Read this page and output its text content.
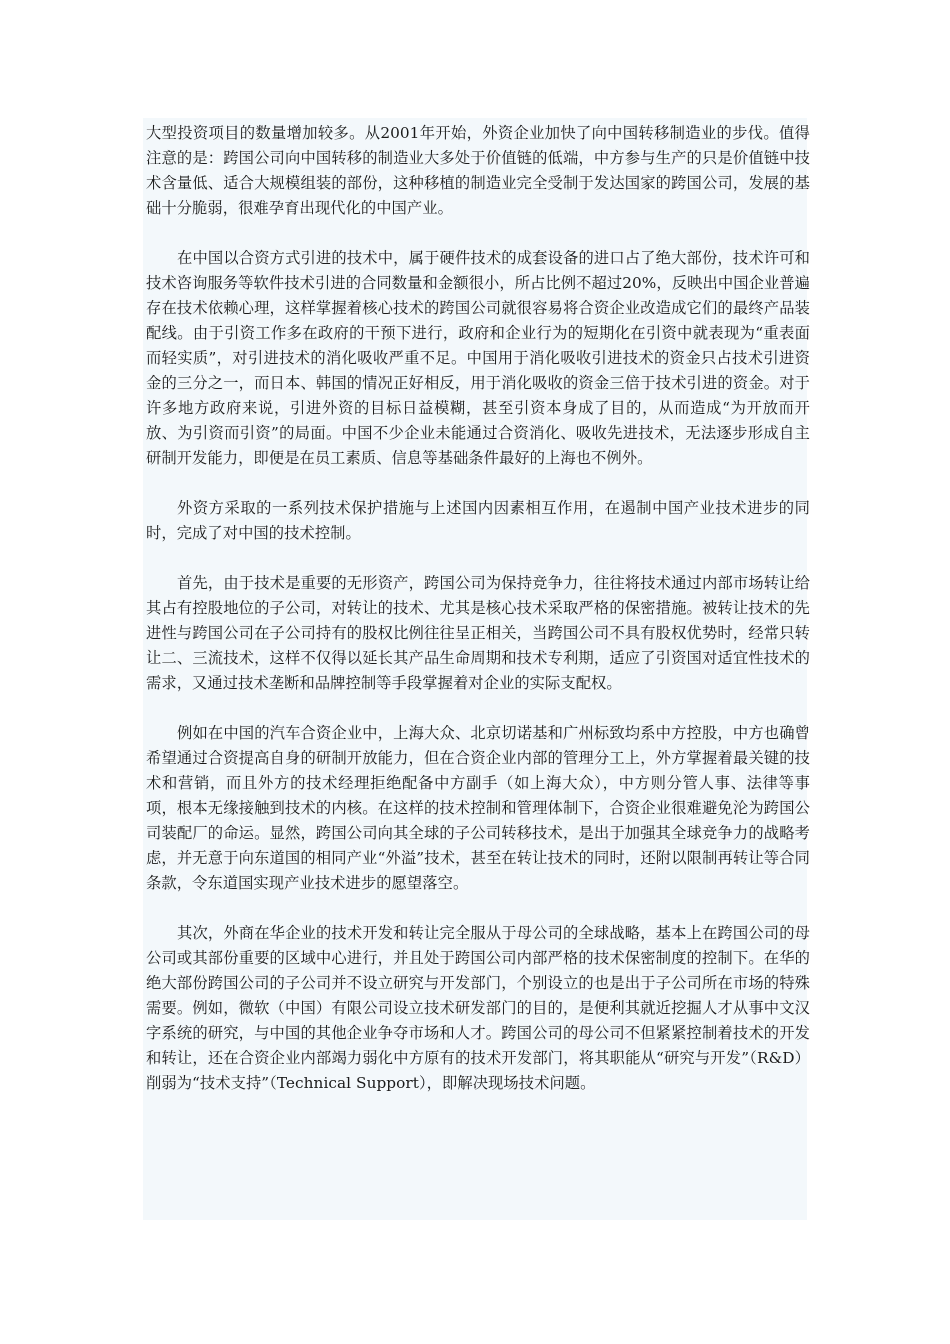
大型投资项目的数量增加较多。从2001年开始，外资企业加快了向中国转移制造业的步伐。值得注意的是：跨国公司向中国转移的制造业大多处于价值链的低端，中方参与生产的只是价值链中技术含量低、适合大规模组装的部份，这种移植的制造业完全受制于发达国家的跨国公司，发展的基础十分脆弱，很难孕育出现代化的中国产业。

在中国以合资方式引进的技术中，属于硬件技术的成套设备的进口占了绝大部份，技术许可和技术咨询服务等软件技术引进的合同数量和金额很小，所占比例不超过20%，反映出中国企业普遍存在技术依赖心理，这样掌握着核心技术的跨国公司就很容易将合资企业改造成它们的最终产品装配线。由于引资工作多在政府的干预下进行，政府和企业行为的短期化在引资中就表现为“重表面而轻实质”，对引进技术的消化吸收严重不足。中国用于消化吸收引进技术的资金只占技术引进资金的三分之一，而日本、韩国的情况正好相反，用于消化吸收的资金三倍于技术引进的资金。对于许多地方政府来说，引进外资的目标日益模糊，甚至引资本身成了目的，从而造成“为开放而开放、为引资而引资”的局面。中国不少企业未能通过合资消化、吸收先进技术，无法逐步形成自主研制开发能力，即便是在员工素质、信息等基础条件最好的上海也不例外。

外资方采取的一系列技术保护措施与上述国内因素相互作用，在遏制中国产业技术进步的同时，完成了对中国的技术控制。

首先，由于技术是重要的无形资产，跨国公司为保持竞争力，往往将技术通过内部市场转让给其占有控股地位的子公司，对转让的技术、尤其是核心技术采取严格的保密措施。被转让技术的先进性与跨国公司在子公司持有的股权比例往往呈正相关，当跨国公司不具有股权优势时，经常只转让二、三流技术，这样不仅得以延长其产品生命周期和技术专利期，适应了引资国对适宜性技术的需求，又通过技术垄断和品牌控制等手段掌握着对企业的实际支配权。

例如在中国的汽车合资企业中，上海大众、北京切诺基和广州标致均系中方控股，中方也确曾希望通过合资提高自身的研制开放能力，但在合资企业内部的管理分工上，外方掌握着最关键的技术和营销，而且外方的技术经理拒绝配备中方副手（如上海大众），中方则分管人事、法律等事项，根本无缘接触到技术的内核。在这样的技术控制和管理体制下，合资企业很难避免沦为跨国公司装配厂的命运。显然，跨国公司向其全球的子公司转移技术，是出于加强其全球竞争力的战略考虑，并无意于向东道国的相同产业“外溢”技术，甚至在转让技术的同时，还附以限制再转让等合同条款，令东道国实现产业技术进步的愿望落空。

其次，外商在华企业的技术开发和转让完全服从于母公司的全球战略，基本上在跨国公司的母公司或其部份重要的区域中心进行，并且处于跨国公司内部严格的技术保密制度的控制下。在华的绝大部份跨国公司的子公司并不设立研究与开发部门，个别设立的也是出于子公司所在市场的特殊需要。例如，微软（中国）有限公司设立技术研发部门的目的，是便利其就近挖掘人才从事中文汉字系统的研究，与中国的其他企业争夺市场和人才。跨国公司的母公司不但紧紧控制着技术的开发和转让，还在合资企业内部竭力弱化中方原有的技术开发部门，将其职能从“研究与开发”（R&D）削弱为“技术支持”（Technical Support），即解决现场技术问题。
